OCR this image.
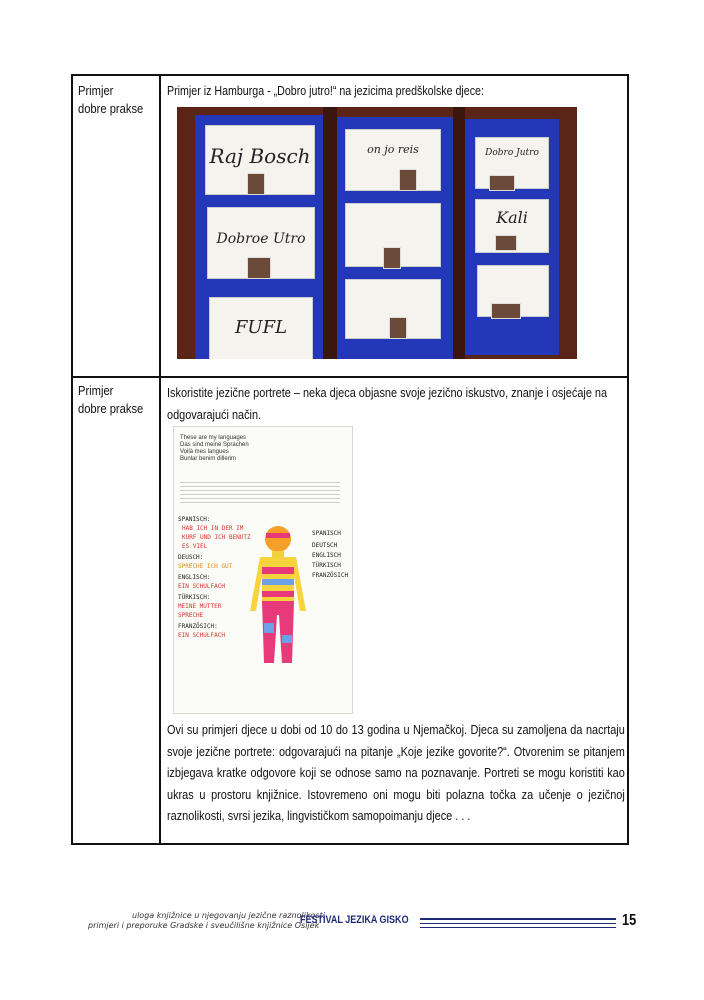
Primjer
dobre prakse
Primjer iz Hamburga - „Dobro jutro!“ na jezicima predškolske djece:
Raj Bosch
Dobroe Utro
FUFL
on jo reis	Dobro Jutro
Kali
Primjer
dobre prakse
Iskoristite jezične portrete – neka djeca objasne svoje jezično iskustvo, znanje i osjećaje na odgovarajući način.
These are my languages
Das sind meine Sprachen
Voilà mes langues
Bunlar benim dillerim
SPANISCH:
HAB ICH IN DER IM
KURF UND ICH BENUTZ
ES VIEL
DEUSCH:
SPRECHE ICH GUT
ENGLISCH:
EIN SCHULFACH
TÜRKISCH:
MEINE MUTTER
SPRECHE
FRANZÖSICH:
EIN SCHULFACH
SPANISCH
DEUTSCH
ENGLISCH
TÜRKISCH
FRANZÖSICH
Ovi su primjeri djece u dobi od 10 do 13 godina u Njemačkoj. Djeca su zamoljena da nacrtaju svoje jezične portrete: odgovarajući na pitanje „Koje jezike govorite?“. Otvorenim se pitanjem izbjegava kratke odgovore koji se odnose samo na poznavanje. Portreti se mogu koristiti kao ukras u prostoru knjižnice. Istovremeno oni mogu biti polazna točka za učenje o jezičnoj raznolikosti, svrsi jezika, lingvističkom samopoimanju djece . . .
uloga knjižnice u njegovanju jezične raznolikosti
primjeri i preporuke Gradske i sveučilišne knjižnice Osijek
FESTIVAL JEZIKA GISKO	15
